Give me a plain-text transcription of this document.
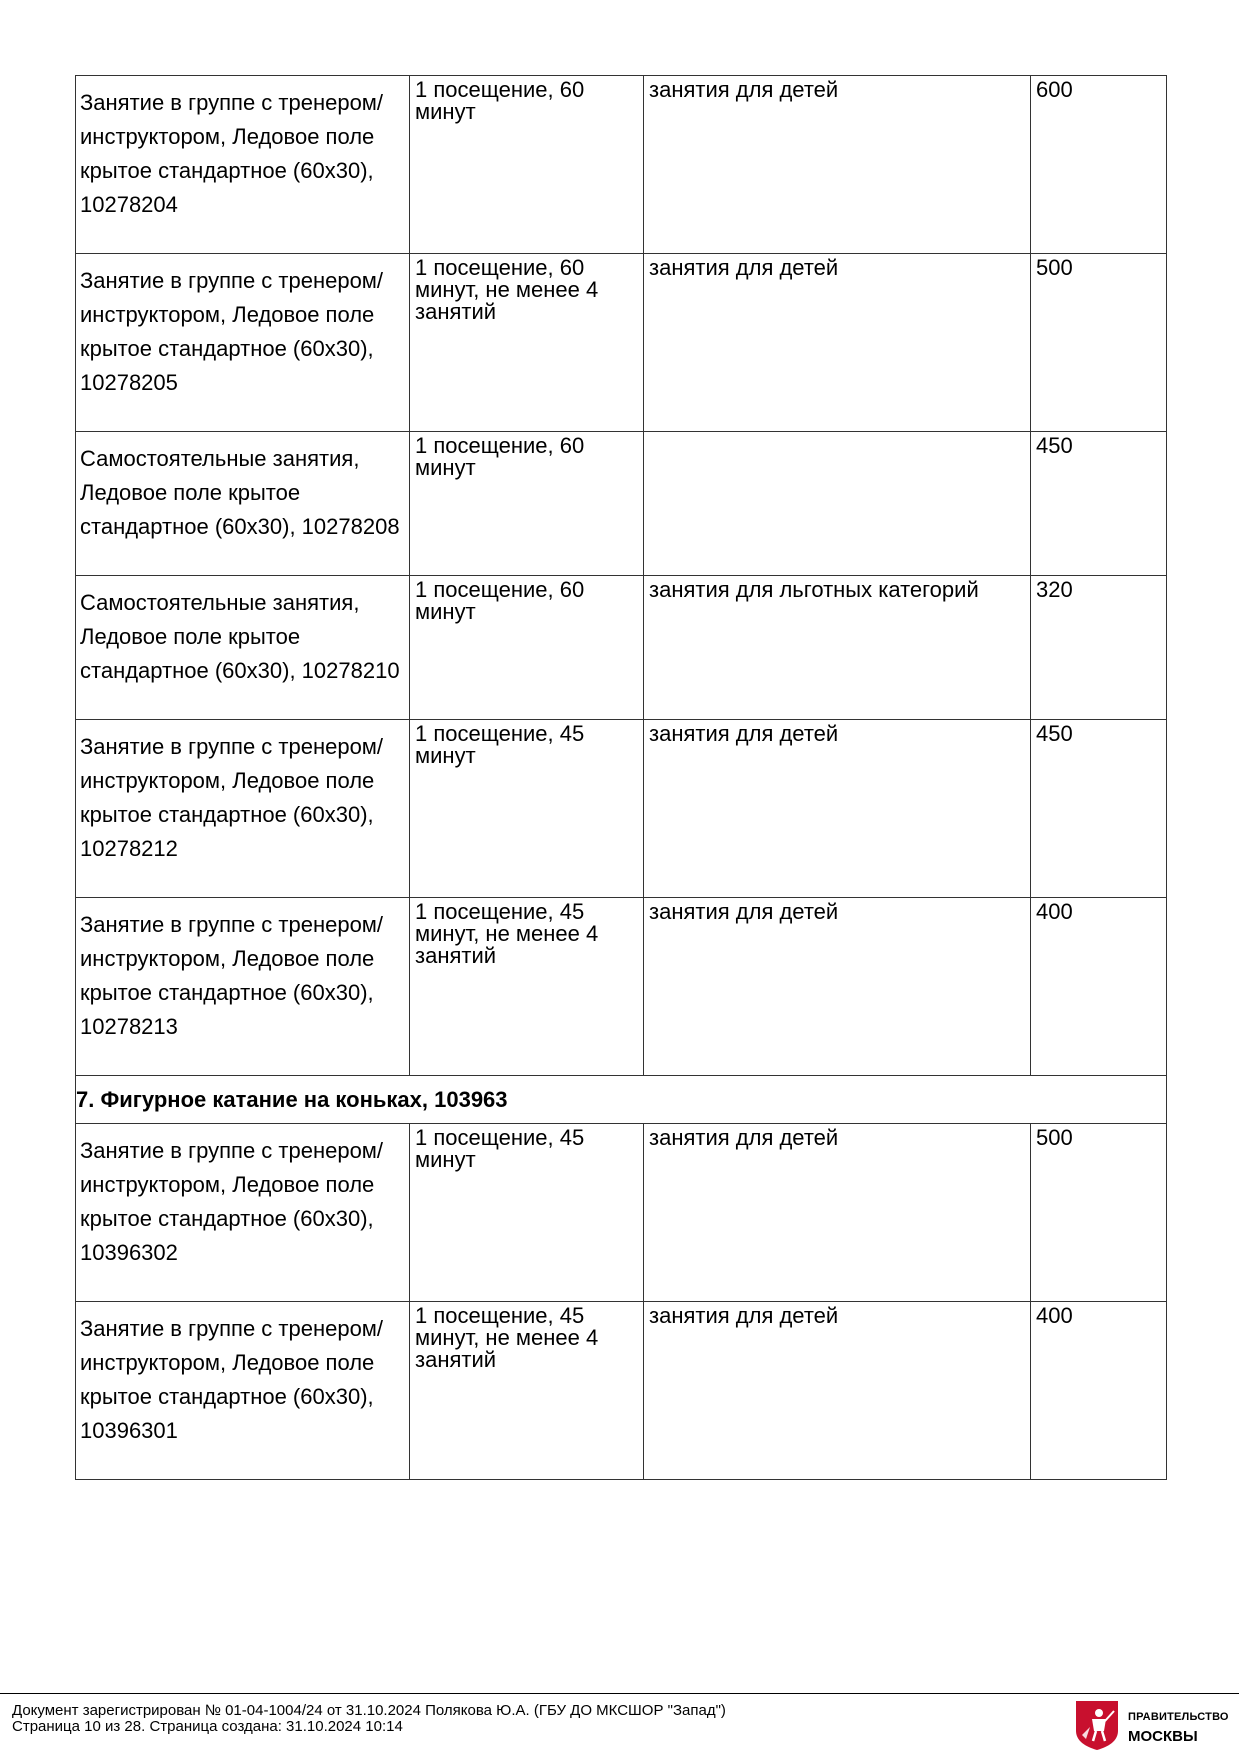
Занятие в группе с тренером/инструктором, Ледовое поле крытое стандартное (60х30), 10278204	1 посещение, 60 минут	занятия для детей	600

Занятие в группе с тренером/инструктором, Ледовое поле крытое стандартное (60х30), 10278205	1 посещение, 60 минут, не менее 4 занятий	занятия для детей	500

Самостоятельные занятия, Ледовое поле крытое стандартное (60х30), 10278208	1 посещение, 60 минут		450

Самостоятельные занятия, Ледовое поле крытое стандартное (60х30), 10278210	1 посещение, 60 минут	занятия для льготных категорий	320

Занятие в группе с тренером/инструктором, Ледовое поле крытое стандартное (60х30), 10278212	1 посещение, 45 минут	занятия для детей	450

Занятие в группе с тренером/инструктором, Ледовое поле крытое стандартное (60х30), 10278213	1 посещение, 45 минут, не менее 4 занятий	занятия для детей	400

7. Фигурное катание на коньках, 103963			

Занятие в группе с тренером/инструктором, Ледовое поле крытое стандартное (60х30), 10396302	1 посещение, 45 минут	занятия для детей	500

Занятие в группе с тренером/инструктором, Ледовое поле крытое стандартное (60х30), 10396301	1 посещение, 45 минут, не менее 4 занятий	занятия для детей	400
Документ зарегистрирован № 01-04-1004/24 от 31.10.2024 Полякова Ю.А. (ГБУ ДО МКСШОР "Запад")
Страница 10 из 28. Страница создана: 31.10.2024 10:14
ПРАВИТЕЛЬСТВО
МОСКВЫ
